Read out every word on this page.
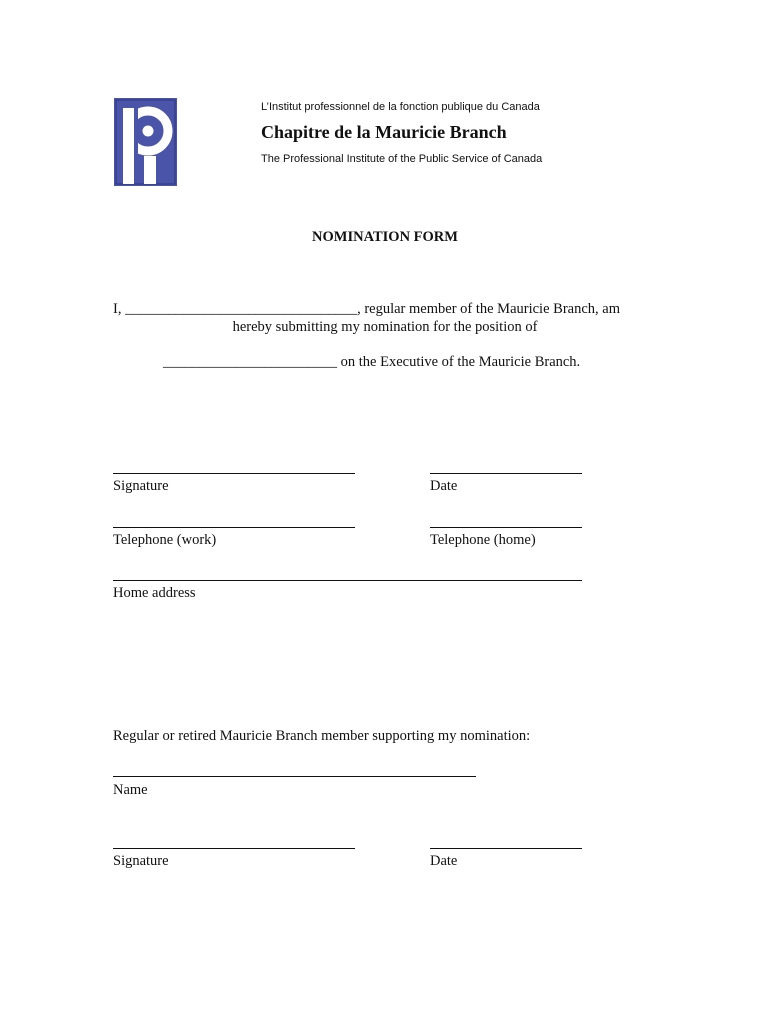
L’Institut professionnel de la fonction publique du Canada
Chapitre de la Mauricie Branch
The Professional Institute of the Public Service of Canada
NOMINATION FORM
I, ________________________________, regular member of the Mauricie Branch, am
hereby submitting my nomination for the position of
________________________ on the Executive of the Mauricie Branch.
Signature	Date
Telephone (work)	Telephone (home)
Home address
Regular or retired Mauricie Branch member supporting my nomination:
Name
Signature	Date
